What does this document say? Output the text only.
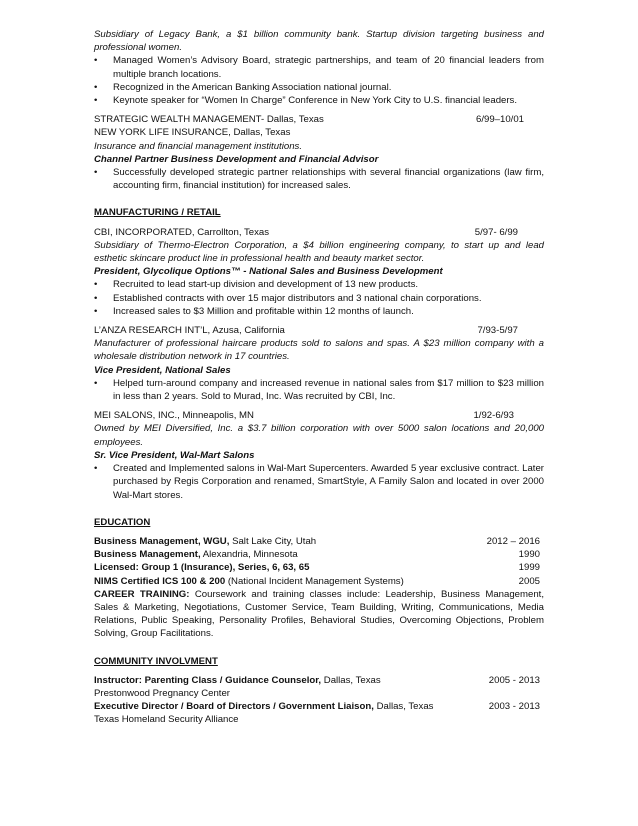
Subsidiary of Legacy Bank, a $1 billion community bank. Startup division targeting business and professional women.
• Managed Women’s Advisory Board, strategic partnerships, and team of 20 financial leaders from multiple branch locations.
• Recognized in the American Banking Association national journal.
• Keynote speaker for “Women In Charge” Conference in New York City to U.S. financial leaders.
STRATEGIC WEALTH MANAGEMENT- Dallas, Texas	6/99–10/01
NEW YORK LIFE INSURANCE, Dallas, Texas
Insurance and financial management institutions.
Channel Partner Business Development and Financial Advisor
• Successfully developed strategic partner relationships with several financial organizations (law firm, accounting firm, financial institution) for increased sales.
MANUFACTURING / RETAIL
CBI, INCORPORATED, Carrollton, Texas	5/97- 6/99
Subsidiary of Thermo-Electron Corporation, a $4 billion engineering company, to start up and lead esthetic skincare product line in professional health and beauty market sector.
President, Glycolique Options™ - National Sales and Business Development
• Recruited to lead start-up division and development of 13 new products.
• Established contracts with over 15 major distributors and 3 national chain corporations.
• Increased sales to $3 Million and profitable within 12 months of launch.
L’ANZA RESEARCH INT’L, Azusa, California	7/93-5/97
Manufacturer of professional haircare products sold to salons and spas. A $23 million company with a wholesale distribution network in 17 countries.
Vice President, National Sales
• Helped turn-around company and increased revenue in national sales from $17 million to $23 million in less than 2 years. Sold to Murad, Inc. Was recruited by CBI, Inc.
MEI SALONS, INC., Minneapolis, MN	1/92-6/93
Owned by MEI Diversified, Inc. a $3.7 billion corporation with over 5000 salon locations and 20,000 employees.
Sr. Vice President, Wal-Mart Salons
• Created and Implemented salons in Wal-Mart Supercenters. Awarded 5 year exclusive contract. Later purchased by Regis Corporation and renamed, SmartStyle, A Family Salon and located in over 2000 Wal-Mart stores.
EDUCATION
Business Management, WGU, Salt Lake City, Utah	2012 – 2016
Business Management, Alexandria, Minnesota	1990
Licensed: Group 1 (Insurance), Series, 6, 63, 65	1999
NIMS Certified ICS 100 & 200 (National Incident Management Systems)	2005
CAREER TRAINING: Coursework and training classes include: Leadership, Business Management, Sales & Marketing, Negotiations, Customer Service, Team Building, Writing, Communications, Media Relations, Public Speaking, Personality Profiles, Behavioral Studies, Overcoming Objections, Problem Solving, Group Facilitations.
COMMUNITY INVOLVMENT
Instructor: Parenting Class / Guidance Counselor, Dallas, Texas	2005 - 2013
Prestonwood Pregnancy Center
Executive Director / Board of Directors / Government Liaison, Dallas, Texas	2003 - 2013
Texas Homeland Security Alliance
